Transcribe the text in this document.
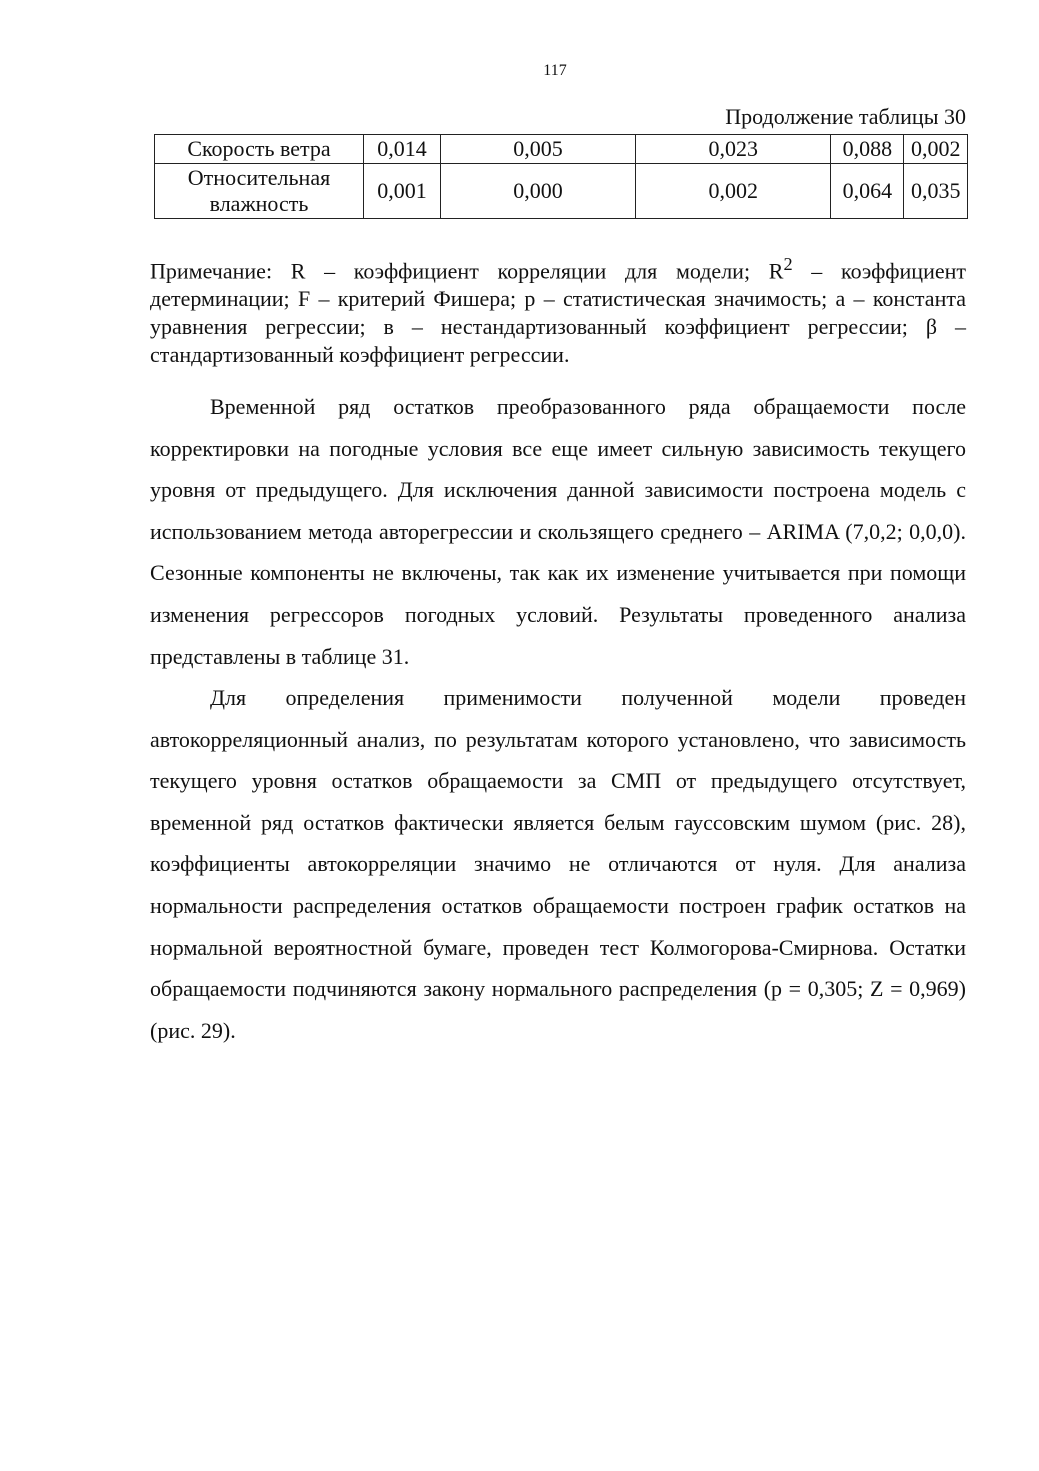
117
Продолжение таблицы 30
Скорость ветра	0,014	0,005	0,023	0,088	0,002
Относительная влажность	0,001	0,000	0,002	0,064	0,035
Примечание: R – коэффициент корреляции для модели; $R^2$ – коэффициент детерминации; F – критерий Фишера; р – статистическая значимость; а – константа уравнения регрессии; в – нестандартизованный коэффициент регрессии; β – стандартизованный коэффициент регрессии.

Временной ряд остатков преобразованного ряда обращаемости после корректировки на погодные условия все еще имеет сильную зависимость текущего уровня от предыдущего. Для исключения данной зависимости построена модель с использованием метода авторегрессии и скользящего среднего – ARIMA (7,0,2; 0,0,0). Сезонные компоненты не включены, так как их изменение учитывается при помощи изменения регрессоров погодных условий. Результаты проведенного анализа представлены в таблице 31.

Для определения применимости полученной модели проведен автокорреляционный анализ, по результатам которого установлено, что зависимость текущего уровня остатков обращаемости за СМП от предыдущего отсутствует, временной ряд остатков фактически является белым гауссовским шумом (рис. 28), коэффициенты автокорреляции значимо не отличаются от нуля. Для анализа нормальности распределения остатков обращаемости построен график остатков на нормальной вероятностной бумаге, проведен тест Колмогорова-Смирнова. Остатки обращаемости подчиняются закону нормального распределения (р = 0,305; Z = 0,969) (рис. 29).
